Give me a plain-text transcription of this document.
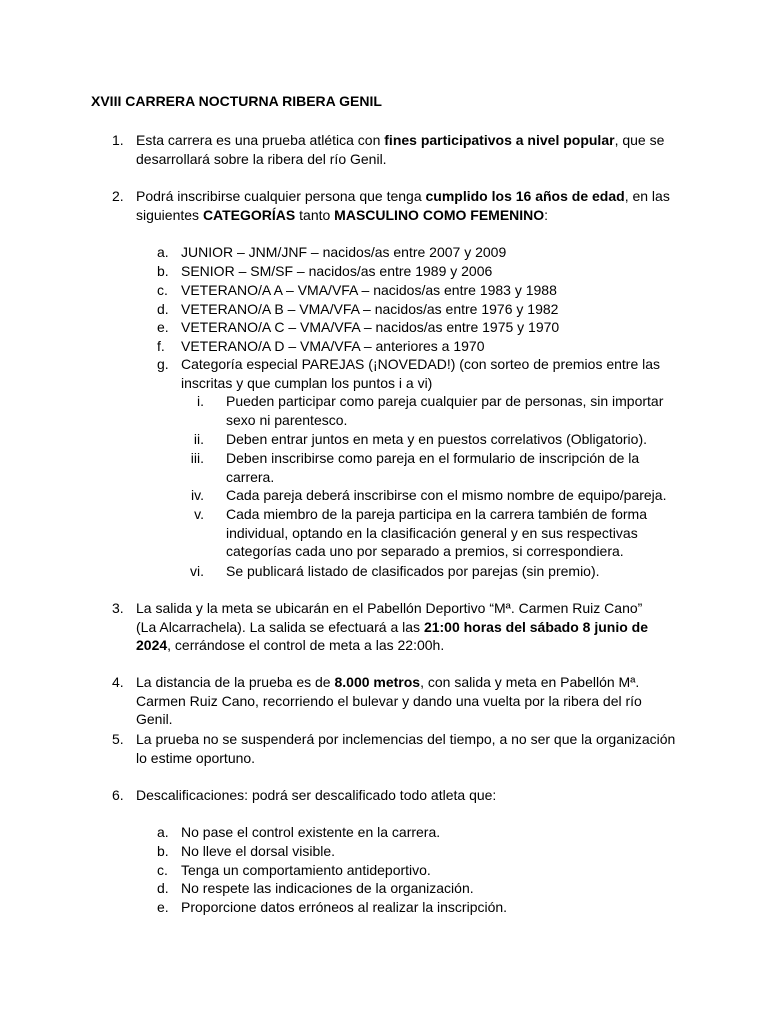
XVIII CARRERA NOCTURNA RIBERA GENIL
1. Esta carrera es una prueba atlética con fines participativos a nivel popular, que se desarrollará sobre la ribera del río Genil.
2. Podrá inscribirse cualquier persona que tenga cumplido los 16 años de edad, en las siguientes CATEGORÍAS tanto MASCULINO COMO FEMENINO:
a. JUNIOR – JNM/JNF – nacidos/as entre 2007 y 2009
b. SENIOR – SM/SF – nacidos/as entre 1989 y 2006
c. VETERANO/A A – VMA/VFA – nacidos/as entre 1983 y 1988
d. VETERANO/A B – VMA/VFA – nacidos/as entre 1976 y 1982
e. VETERANO/A C – VMA/VFA – nacidos/as entre 1975 y 1970
f. VETERANO/A D – VMA/VFA – anteriores a 1970
g. Categoría especial PAREJAS (¡NOVEDAD!) (con sorteo de premios entre las inscritas y que cumplan los puntos i a vi)
i. Pueden participar como pareja cualquier par de personas, sin importar sexo ni parentesco.
ii. Deben entrar juntos en meta y en puestos correlativos (Obligatorio).
iii. Deben inscribirse como pareja en el formulario de inscripción de la carrera.
iv. Cada pareja deberá inscribirse con el mismo nombre de equipo/pareja.
v. Cada miembro de la pareja participa en la carrera también de forma individual, optando en la clasificación general y en sus respectivas categorías cada uno por separado a premios, si correspondiera.
vi. Se publicará listado de clasificados por parejas (sin premio).
3. La salida y la meta se ubicarán en el Pabellón Deportivo “Mª. Carmen Ruiz Cano” (La Alcarrachela). La salida se efectuará a las 21:00 horas del sábado 8 junio de 2024, cerrándose el control de meta a las 22:00h.
4. La distancia de la prueba es de 8.000 metros, con salida y meta en Pabellón Mª. Carmen Ruiz Cano, recorriendo el bulevar y dando una vuelta por la ribera del río Genil.
5. La prueba no se suspenderá por inclemencias del tiempo, a no ser que la organización lo estime oportuno.
6. Descalificaciones: podrá ser descalificado todo atleta que:
a. No pase el control existente en la carrera.
b. No lleve el dorsal visible.
c. Tenga un comportamiento antideportivo.
d. No respete las indicaciones de la organización.
e. Proporcione datos erróneos al realizar la inscripción.
